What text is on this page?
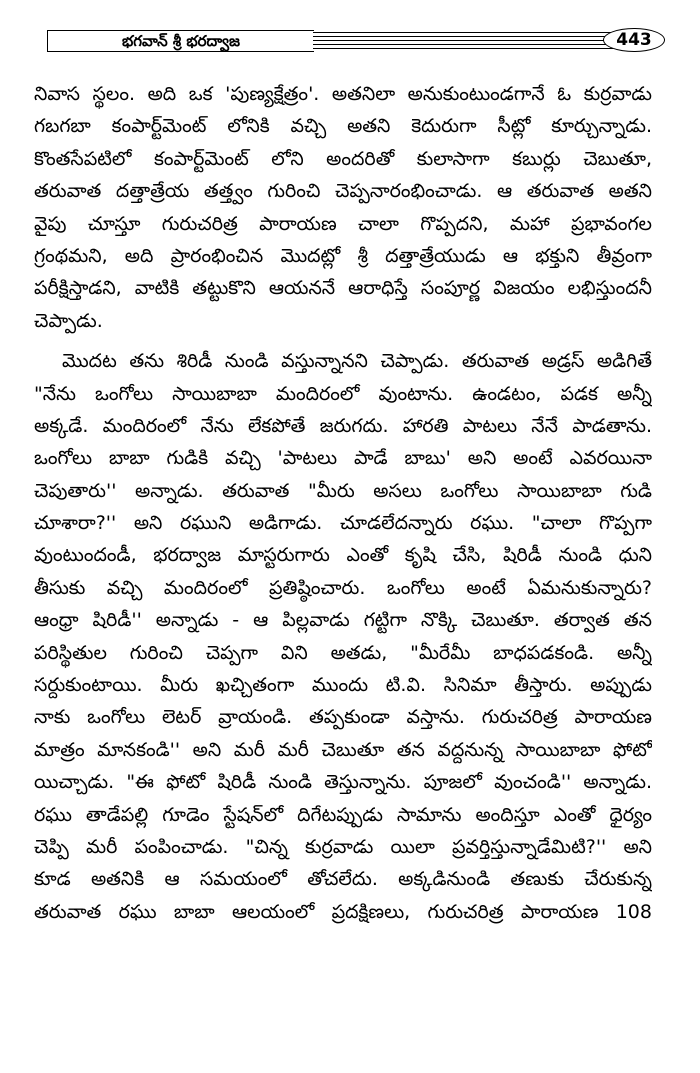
భగవాన్ శ్రీ భరద్వాజ	443
నివాస స్థలం. అది ఒక 'పుణ్యక్షేత్రం'. అతనిలా అనుకుంటుండగానే ఓ కుర్రవాడు
గబగబా కంపార్ట్‌మెంట్ లోనికి వచ్చి అతని కెదురుగా సీట్లో కూర్చున్నాడు.
కొంతసేపటిలో కంపార్ట్‌మెంట్ లోని అందరితో కులాసాగా కబుర్లు చెబుతూ,
తరువాత దత్తాత్రేయ తత్త్వం గురించి చెప్పనారంభించాడు. ఆ తరువాత అతని
వైపు చూస్తూ గురుచరిత్ర పారాయణ చాలా గొప్పదని, మహా ప్రభావంగల
గ్రంథమని, అది ప్రారంభించిన మొదట్లో శ్రీ దత్తాత్రేయుడు ఆ భక్తుని తీవ్రంగా
పరీక్షిస్తాడని, వాటికి తట్టుకొని ఆయననే ఆరాధిస్తే సంపూర్ణ విజయం లభిస్తుందనీ
చెప్పాడు.
మొదట తను శిరిడీ నుండి వస్తున్నానని చెప్పాడు. తరువాత అడ్రస్ అడిగితే
"నేను ఒంగోలు సాయిబాబా మందిరంలో వుంటాను. ఉండటం, పడక అన్నీ
అక్కడే. మందిరంలో నేను లేకపోతే జరుగదు. హారతి పాటలు నేనే పాడతాను.
ఒంగోలు బాబా గుడికి వచ్చి 'పాటలు పాడే బాబు' అని అంటే ఎవరయినా
చెపుతారు'' అన్నాడు. తరువాత "మీరు అసలు ఒంగోలు సాయిబాబా గుడి
చూశారా?'' అని రఘుని అడిగాడు. చూడలేదన్నారు రఘు. "చాలా గొప్పగా
వుంటుందండీ, భరద్వాజ మాస్టరుగారు ఎంతో కృషి చేసి, షిరిడీ నుండి ధుని
తీసుకు వచ్చి మందిరంలో ప్రతిష్ఠించారు. ఒంగోలు అంటే ఏమనుకున్నారు?
ఆంధ్రా షిరిడీ'' అన్నాడు - ఆ పిల్లవాడు గట్టిగా నొక్కి చెబుతూ. తర్వాత తన
పరిస్థితుల గురించి చెప్పగా విని అతడు, "మీరేమీ బాధపడకండి. అన్నీ
సర్దుకుంటాయి. మీరు ఖచ్చితంగా ముందు టి.వి. సినిమా తీస్తారు. అప్పుడు
నాకు ఒంగోలు లెటర్ వ్రాయండి. తప్పకుండా వస్తాను. గురుచరిత్ర పారాయణ
మాత్రం మానకండి'' అని మరీ మరీ చెబుతూ తన వద్దనున్న సాయిబాబా ఫోటో
యిచ్చాడు. "ఈ ఫోటో షిరిడీ నుండి తెస్తున్నాను. పూజలో వుంచండి'' అన్నాడు.
రఘు తాడేపల్లి గూడెం స్టేషన్‌లో దిగేటప్పుడు సామాను అందిస్తూ ఎంతో ధైర్యం
చెప్పి మరీ పంపించాడు. "చిన్న కుర్రవాడు యిలా ప్రవర్తిస్తున్నాడేమిటి?'' అని
కూడ అతనికి ఆ సమయంలో తోచలేదు. అక్కడినుండి తణుకు చేరుకున్న
తరువాత రఘు బాబా ఆలయంలో ప్రదక్షిణలు, గురుచరిత్ర పారాయణ 108
